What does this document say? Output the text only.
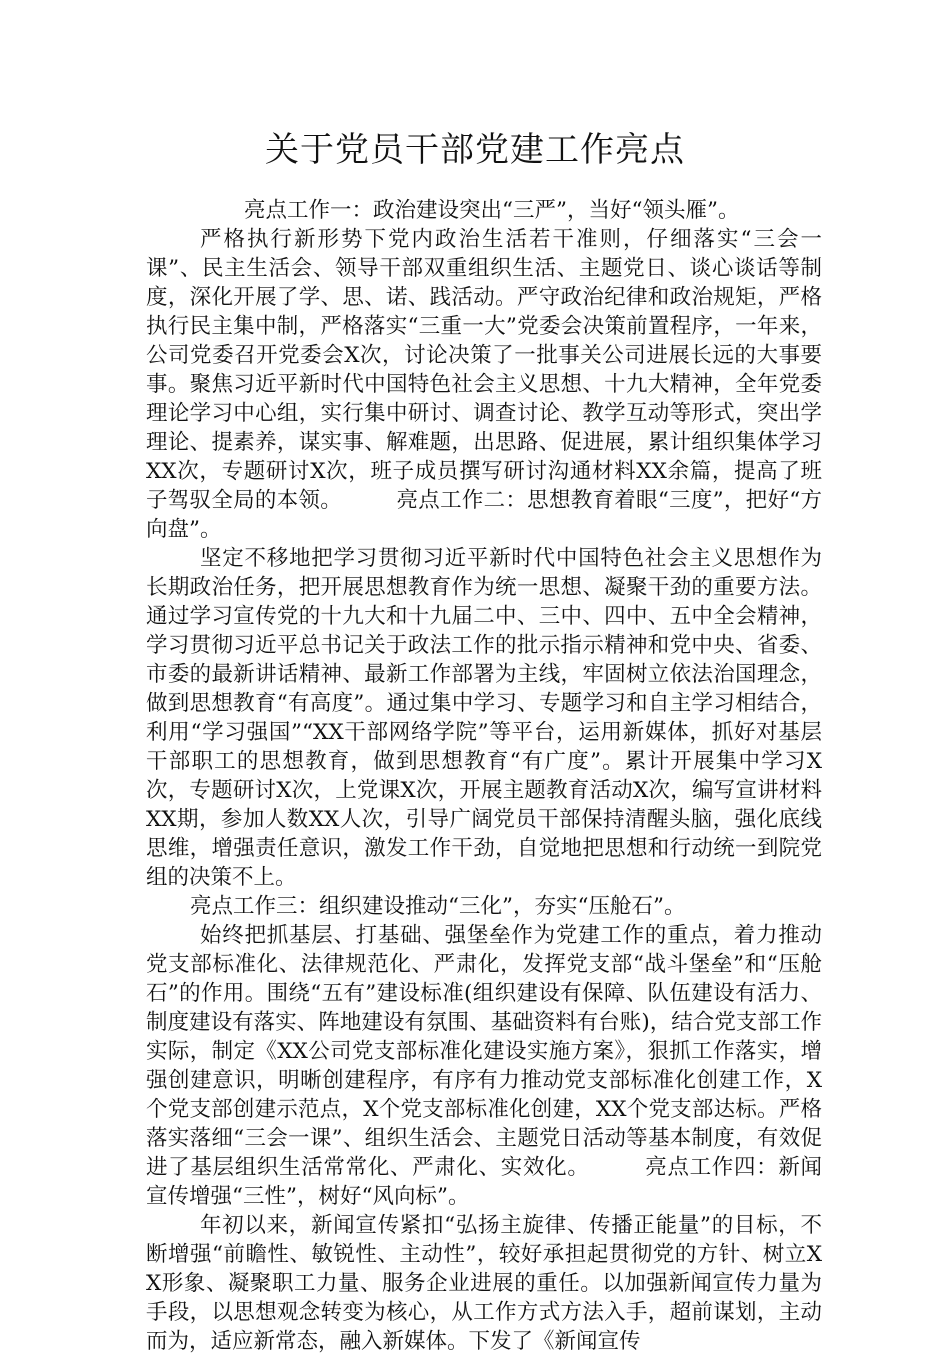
关于党员干部党建工作亮点

亮点工作一：政治建设突出“三严”，当好“领头雁”。

严格执行新形势下党内政治生活若干准则，仔细落实“三会一课”、民主生活会、领导干部双重组织生活、主题党日、谈心谈话等制度，深化开展了学、思、诺、践活动。严守政治纪律和政治规矩，严格执行民主集中制，严格落实“三重一大”党委会决策前置程序，一年来，公司党委召开党委会X次，讨论决策了一批事关公司进展长远的大事要事。聚焦习近平新时代中国特色社会主义思想、十九大精神，全年党委理论学习中心组，实行集中研讨、调查讨论、教学互动等形式，突出学理论、提素养，谋实事、解难题，出思路、促进展，累计组织集体学习XX次，专题研讨X次，班子成员撰写研讨沟通材料XX余篇，提高了班子驾驭全局的本领。　　　亮点工作二：思想教育着眼“三度”，把好“方向盘”。

坚定不移地把学习贯彻习近平新时代中国特色社会主义思想作为长期政治任务，把开展思想教育作为统一思想、凝聚干劲的重要方法。通过学习宣传党的十九大和十九届二中、三中、四中、五中全会精神，学习贯彻习近平总书记关于政法工作的批示指示精神和党中央、省委、市委的最新讲话精神、最新工作部署为主线，牢固树立依法治国理念，做到思想教育“有高度”。通过集中学习、专题学习和自主学习相结合，利用“学习强国”“XX干部网络学院”等平台，运用新媒体，抓好对基层干部职工的思想教育，做到思想教育“有广度”。累计开展集中学习X次，专题研讨X次，上党课X次，开展主题教育活动X次，编写宣讲材料XX期，参加人数XX人次，引导广阔党员干部保持清醒头脑，强化底线思维，增强责任意识，激发工作干劲，自觉地把思想和行动统一到院党组的决策不上。

亮点工作三：组织建设推动“三化”，夯实“压舱石”。

始终把抓基层、打基础、强堡垒作为党建工作的重点，着力推动党支部标准化、法律规范化、严肃化，发挥党支部“战斗堡垒”和“压舱石”的作用。围绕“五有”建设标准(组织建设有保障、队伍建设有活力、制度建设有落实、阵地建设有氛围、基础资料有台账)，结合党支部工作实际，制定《XX公司党支部标准化建设实施方案》，狠抓工作落实，增强创建意识，明晰创建程序，有序有力推动党支部标准化创建工作，X个党支部创建示范点，X个党支部标准化创建，XX个党支部达标。严格落实落细“三会一课”、组织生活会、主题党日活动等基本制度，有效促进了基层组织生活常常化、严肃化、实效化。　　　亮点工作四：新闻宣传增强“三性”，树好“风向标”。

年初以来，新闻宣传紧扣“弘扬主旋律、传播正能量”的目标，不断增强“前瞻性、敏锐性、主动性”，较好承担起贯彻党的方针、树立XX形象、凝聚职工力量、服务企业进展的重任。以加强新闻宣传力量为手段，以思想观念转变为核心，从工作方式方法入手，超前谋划，主动而为，适应新常态，融入新媒体。下发了《新闻宣传
